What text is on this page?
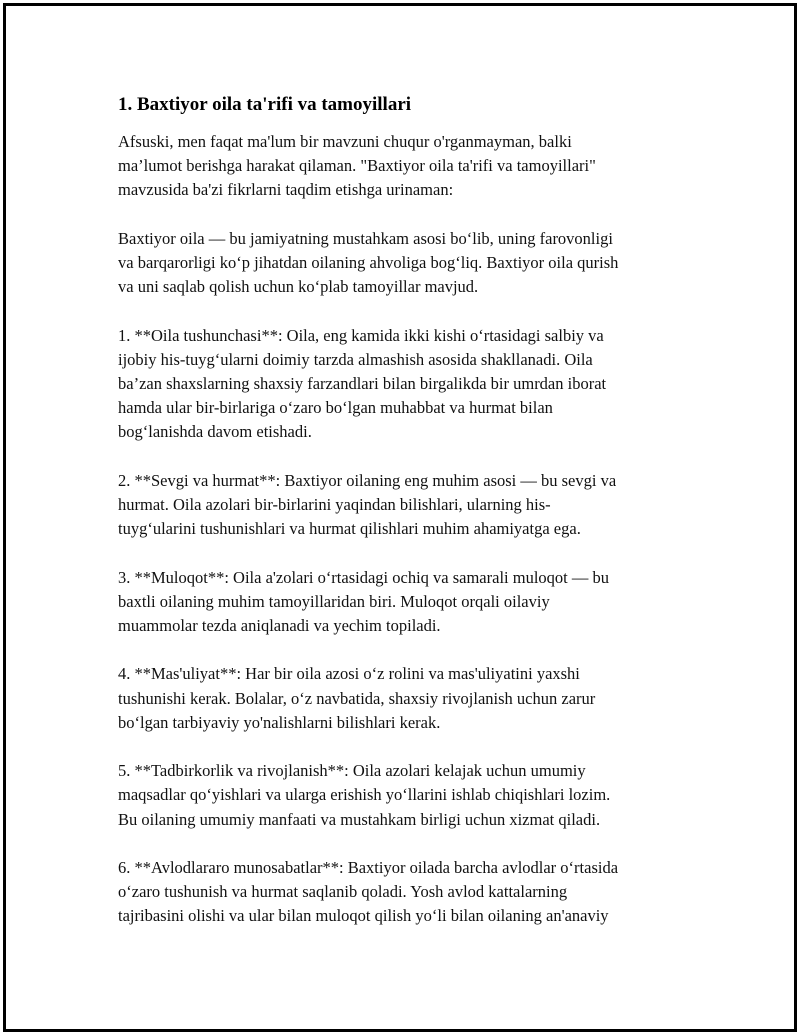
1. Baxtiyor oila ta'rifi va tamoyillari

Afsuski, men faqat ma'lum bir mavzuni chuqur o'rganmayman, balki
ma’lumot berishga harakat qilaman. "Baxtiyor oila ta'rifi va tamoyillari"
mavzusida ba'zi fikrlarni taqdim etishga urinaman:

Baxtiyor oila — bu jamiyatning mustahkam asosi bo‘lib, uning farovonligi
va barqarorligi ko‘p jihatdan oilaning ahvoliga bog‘liq. Baxtiyor oila qurish
va uni saqlab qolish uchun ko‘plab tamoyillar mavjud.

1. **Oila tushunchasi**: Oila, eng kamida ikki kishi o‘rtasidagi salbiy va
ijobiy his-tuyg‘ularni doimiy tarzda almashish asosida shakllanadi. Oila
ba’zan shaxslarning shaxsiy farzandlari bilan birgalikda bir umrdan iborat
hamda ular bir-birlariga o‘zaro bo‘lgan muhabbat va hurmat bilan
bog‘lanishda davom etishadi.

2. **Sevgi va hurmat**: Baxtiyor oilaning eng muhim asosi — bu sevgi va
hurmat. Oila azolari bir-birlarini yaqindan bilishlari, ularning his-
tuyg‘ularini tushunishlari va hurmat qilishlari muhim ahamiyatga ega.

3. **Muloqot**: Oila a'zolari o‘rtasidagi ochiq va samarali muloqot — bu
baxtli oilaning muhim tamoyillaridan biri. Muloqot orqali oilaviy
muammolar tezda aniqlanadi va yechim topiladi.

4. **Mas'uliyat**: Har bir oila azosi o‘z rolini va mas'uliyatini yaxshi
tushunishi kerak. Bolalar, o‘z navbatida, shaxsiy rivojlanish uchun zarur
bo‘lgan tarbiyaviy yo'nalishlarni bilishlari kerak.

5. **Tadbirkorlik va rivojlanish**: Oila azolari kelajak uchun umumiy
maqsadlar qo‘yishlari va ularga erishish yo‘llarini ishlab chiqishlari lozim.
Bu oilaning umumiy manfaati va mustahkam birligi uchun xizmat qiladi.

6. **Avlodlararo munosabatlar**: Baxtiyor oilada barcha avlodlar o‘rtasida
o‘zaro tushunish va hurmat saqlanib qoladi. Yosh avlod kattalarning
tajribasini olishi va ular bilan muloqot qilish yo‘li bilan oilaning an'anaviy
